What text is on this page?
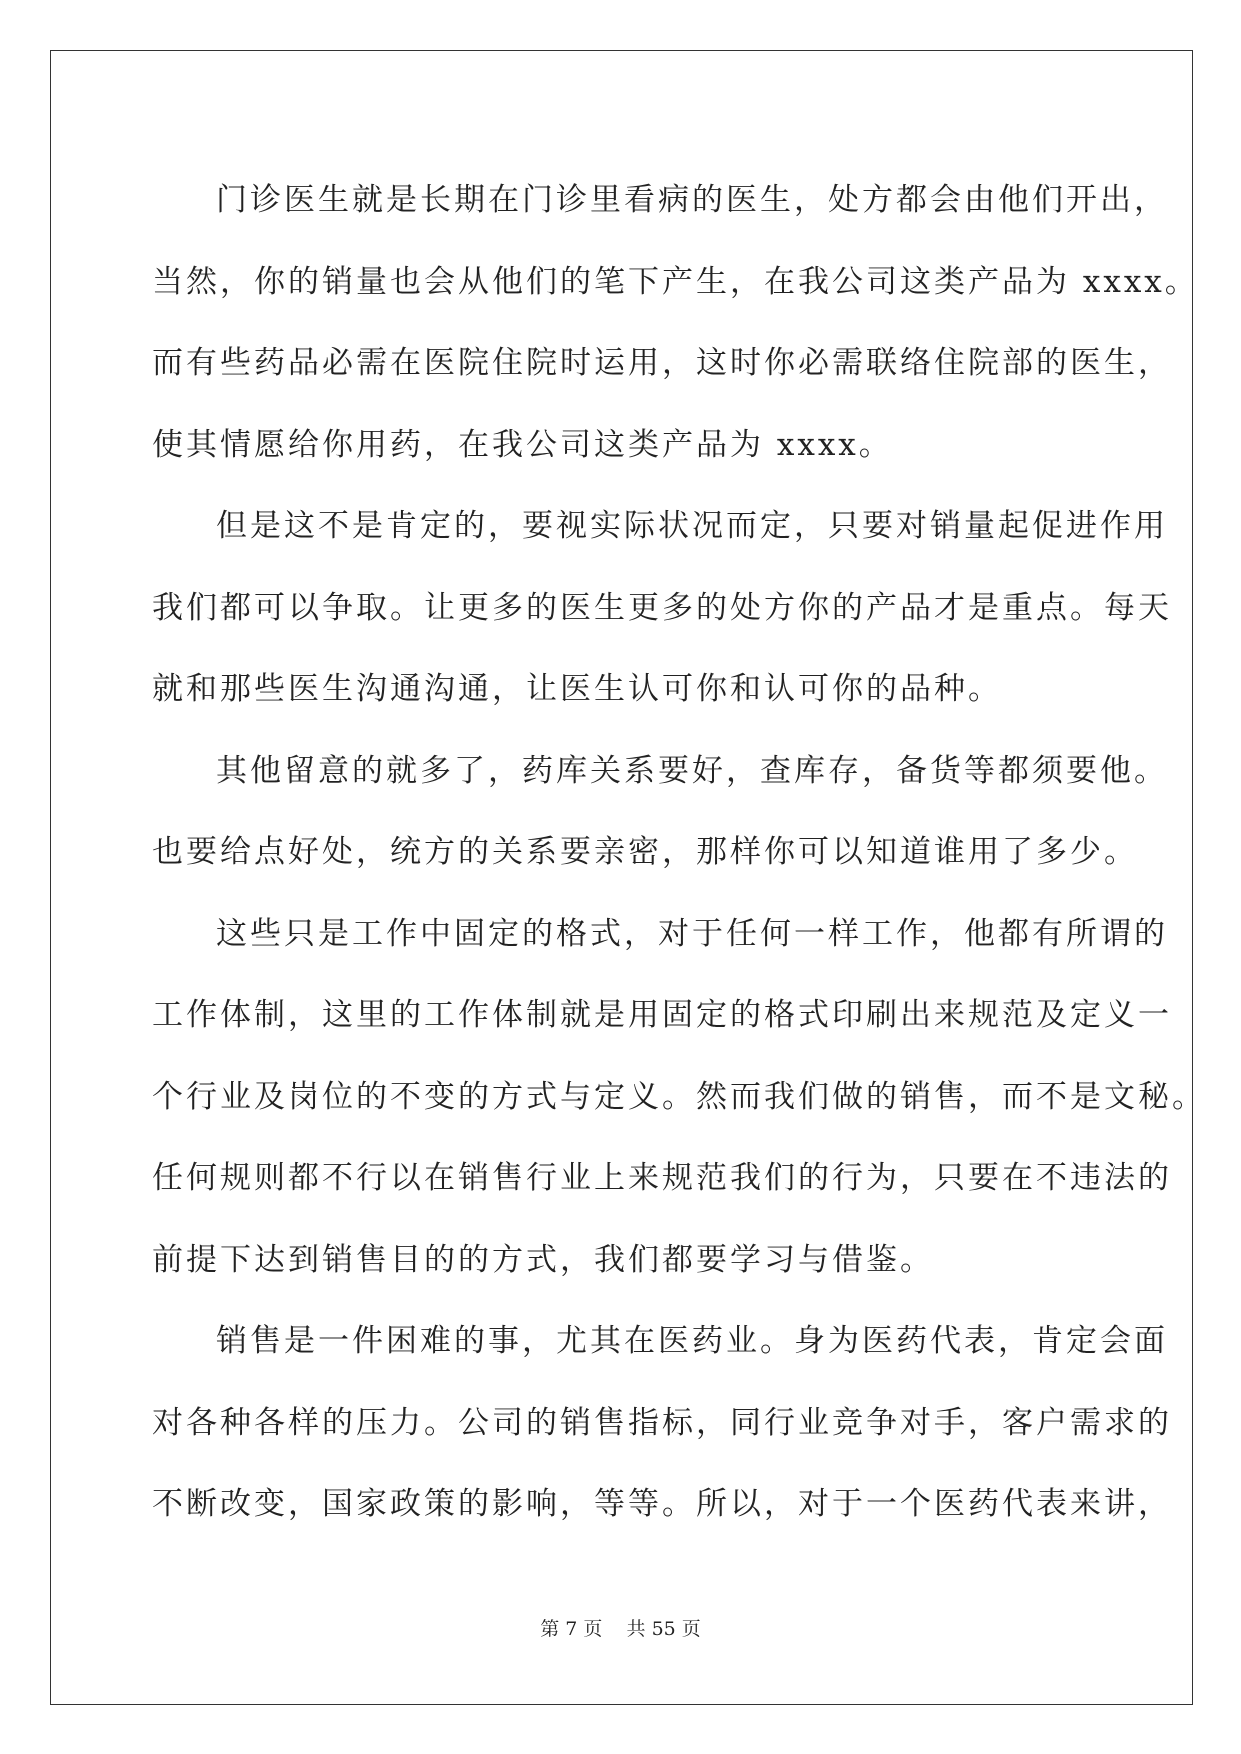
门诊医生就是长期在门诊里看病的医生，处方都会由他们开出，
当然，你的销量也会从他们的笔下产生，在我公司这类产品为 xxxx。
而有些药品必需在医院住院时运用，这时你必需联络住院部的医生，
使其情愿给你用药，在我公司这类产品为 xxxx。
但是这不是肯定的，要视实际状况而定，只要对销量起促进作用
我们都可以争取。让更多的医生更多的处方你的产品才是重点。每天
就和那些医生沟通沟通，让医生认可你和认可你的品种。
其他留意的就多了，药库关系要好，查库存，备货等都须要他。
也要给点好处，统方的关系要亲密，那样你可以知道谁用了多少。
这些只是工作中固定的格式，对于任何一样工作，他都有所谓的
工作体制，这里的工作体制就是用固定的格式印刷出来规范及定义一
个行业及岗位的不变的方式与定义。然而我们做的销售，而不是文秘。
任何规则都不行以在销售行业上来规范我们的行为，只要在不违法的
前提下达到销售目的的方式，我们都要学习与借鉴。
销售是一件困难的事，尤其在医药业。身为医药代表，肯定会面
对各种各样的压力。公司的销售指标，同行业竞争对手，客户需求的
不断改变，国家政策的影响，等等。所以，对于一个医药代表来讲，
第 7 页 共 55 页
